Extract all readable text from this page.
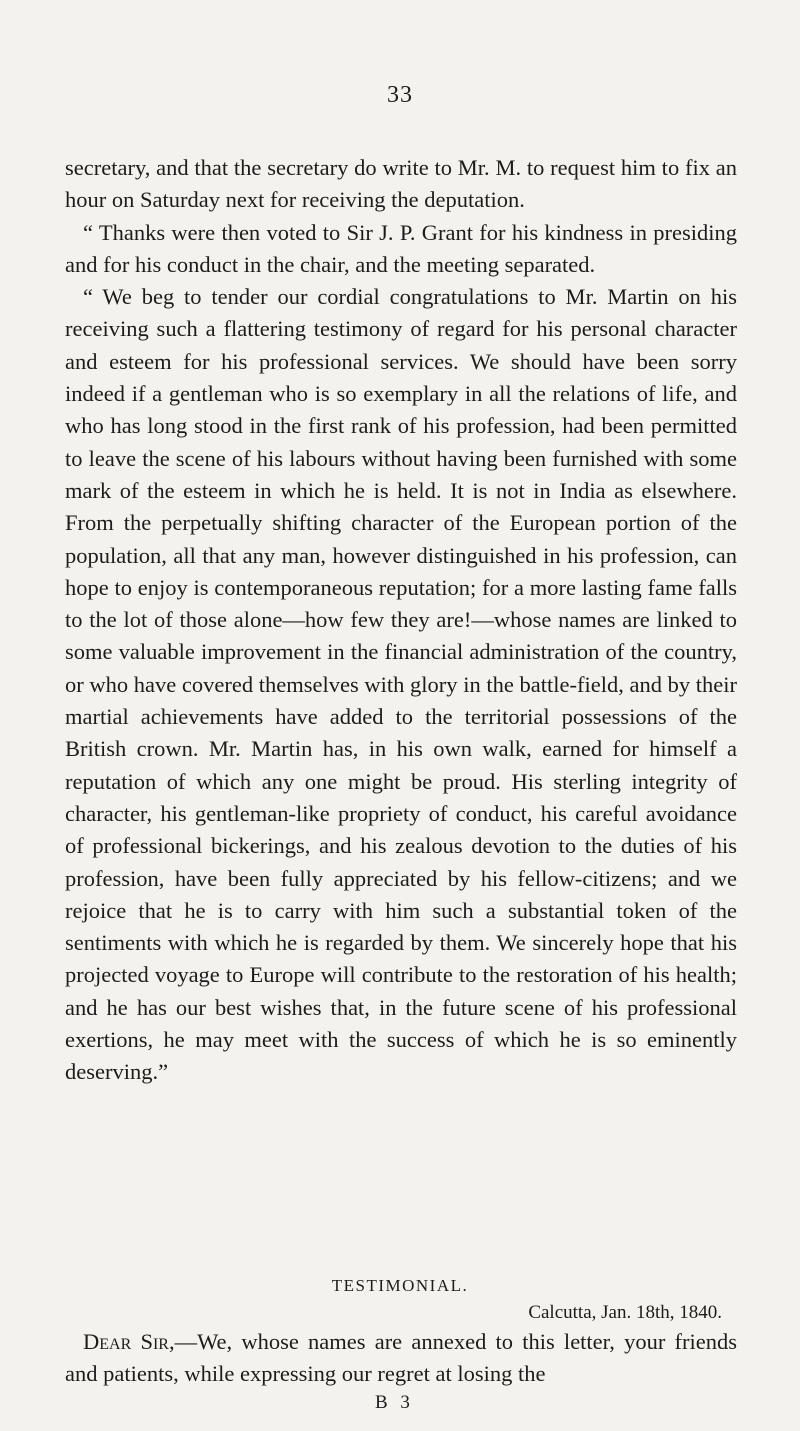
33

secretary, and that the secretary do write to Mr. M. to request him to fix an hour on Saturday next for receiving the deputation.

“ Thanks were then voted to Sir J. P. Grant for his kindness in presiding and for his conduct in the chair, and the meeting separated.

“ We beg to tender our cordial congratulations to Mr. Martin on his receiving such a flattering testimony of regard for his personal character and esteem for his professional services. We should have been sorry indeed if a gentleman who is so exemplary in all the relations of life, and who has long stood in the first rank of his profession, had been permitted to leave the scene of his labours without having been furnished with some mark of the esteem in which he is held. It is not in India as elsewhere. From the perpetually shifting character of the European portion of the population, all that any man, however distinguished in his profession, can hope to enjoy is contemporaneous reputation; for a more lasting fame falls to the lot of those alone—how few they are!—whose names are linked to some valuable improvement in the financial administration of the country, or who have covered themselves with glory in the battle-field, and by their martial achievements have added to the territorial possessions of the British crown. Mr. Martin has, in his own walk, earned for himself a reputation of which any one might be proud. His sterling integrity of character, his gentleman-like propriety of conduct, his careful avoidance of professional bickerings, and his zealous devotion to the duties of his profession, have been fully appreciated by his fellow-citizens; and we rejoice that he is to carry with him such a substantial token of the sentiments with which he is regarded by them. We sincerely hope that his projected voyage to Europe will contribute to the restoration of his health; and he has our best wishes that, in the future scene of his professional exertions, he may meet with the success of which he is so eminently deserving.”

TESTIMONIAL.
Calcutta, Jan. 18th, 1840.

Dear Sir,—We, whose names are annexed to this letter, your friends and patients, while expressing our regret at losing the

B 3
